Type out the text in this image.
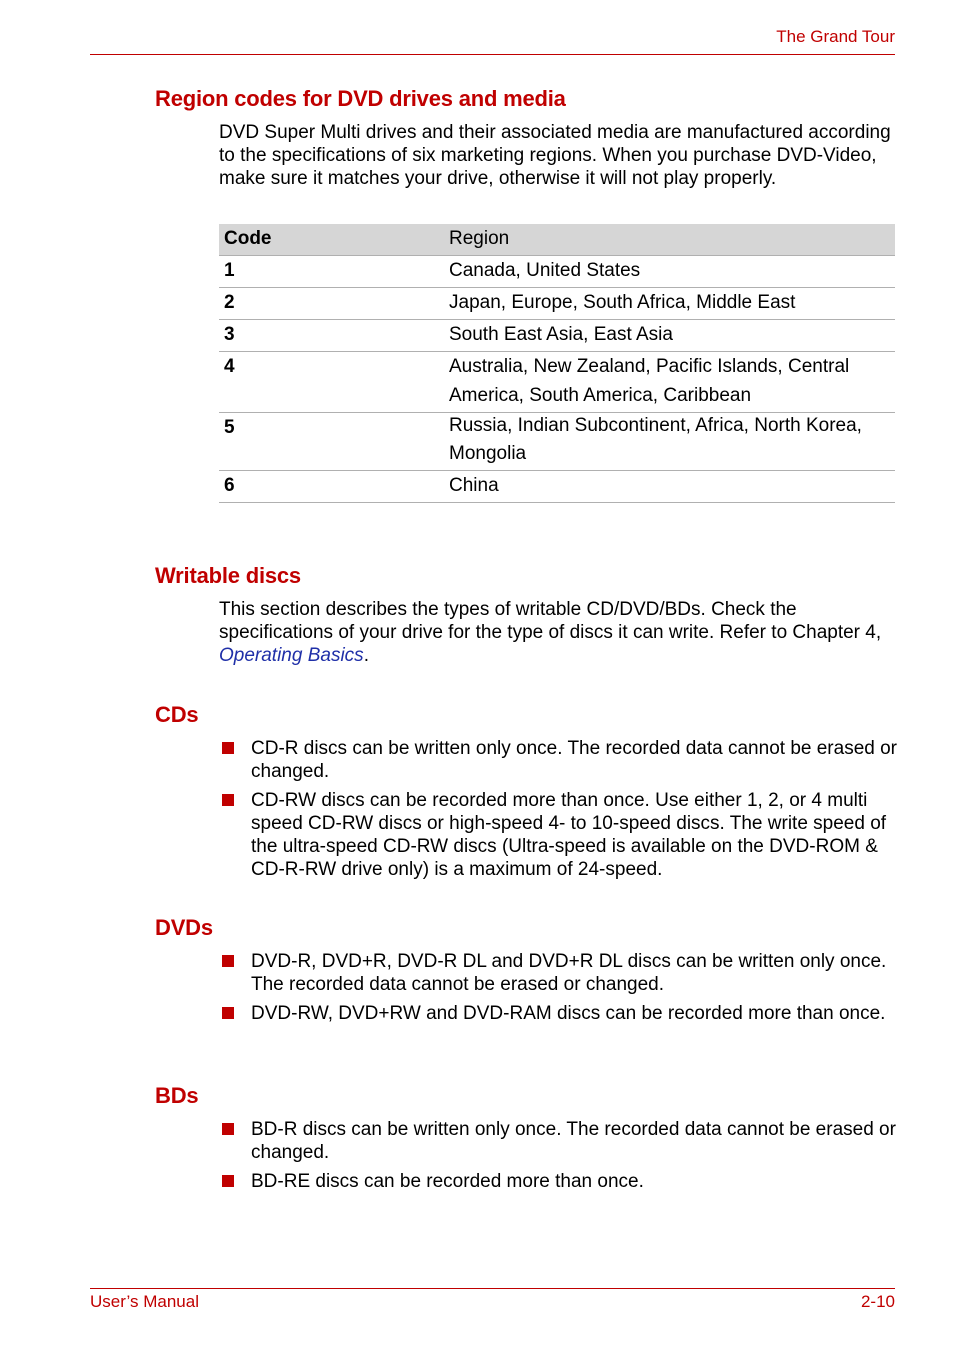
The Grand Tour
Region codes for DVD drives and media

DVD Super Multi drives and their associated media are manufactured according to the specifications of six marketing regions. When you purchase DVD-Video, make sure it matches your drive, otherwise it will not play properly.

Code	Region
1	Canada, United States
2	Japan, Europe, South Africa, Middle East
3	South East Asia, East Asia
4	Australia, New Zealand, Pacific Islands, Central
America, South America, Caribbean

5	Russia, Indian Subcontinent, Africa, North Korea,
Mongolia

6	China
Writable discs

This section describes the types of writable CD/DVD/BDs. Check the specifications of your drive for the type of discs it can write. Refer to Chapter 4, Operating Basics.

CDs
CD-R discs can be written only once. The recorded data cannot be erased or changed.
CD-RW discs can be recorded more than once. Use either 1, 2, or 4 multi speed CD-RW discs or high-speed 4- to 10-speed discs. The write speed of the ultra-speed CD-RW discs (Ultra-speed is available on the DVD-ROM & CD-R-RW drive only) is a maximum of 24-speed.
DVDs
DVD-R, DVD+R, DVD-R DL and DVD+R DL discs can be written only once. The recorded data cannot be erased or changed.
DVD-RW, DVD+RW and DVD-RAM discs can be recorded more than once.
BDs
BD-R discs can be written only once. The recorded data cannot be erased or changed.
BD-RE discs can be recorded more than once.
User’s Manual	2-10
